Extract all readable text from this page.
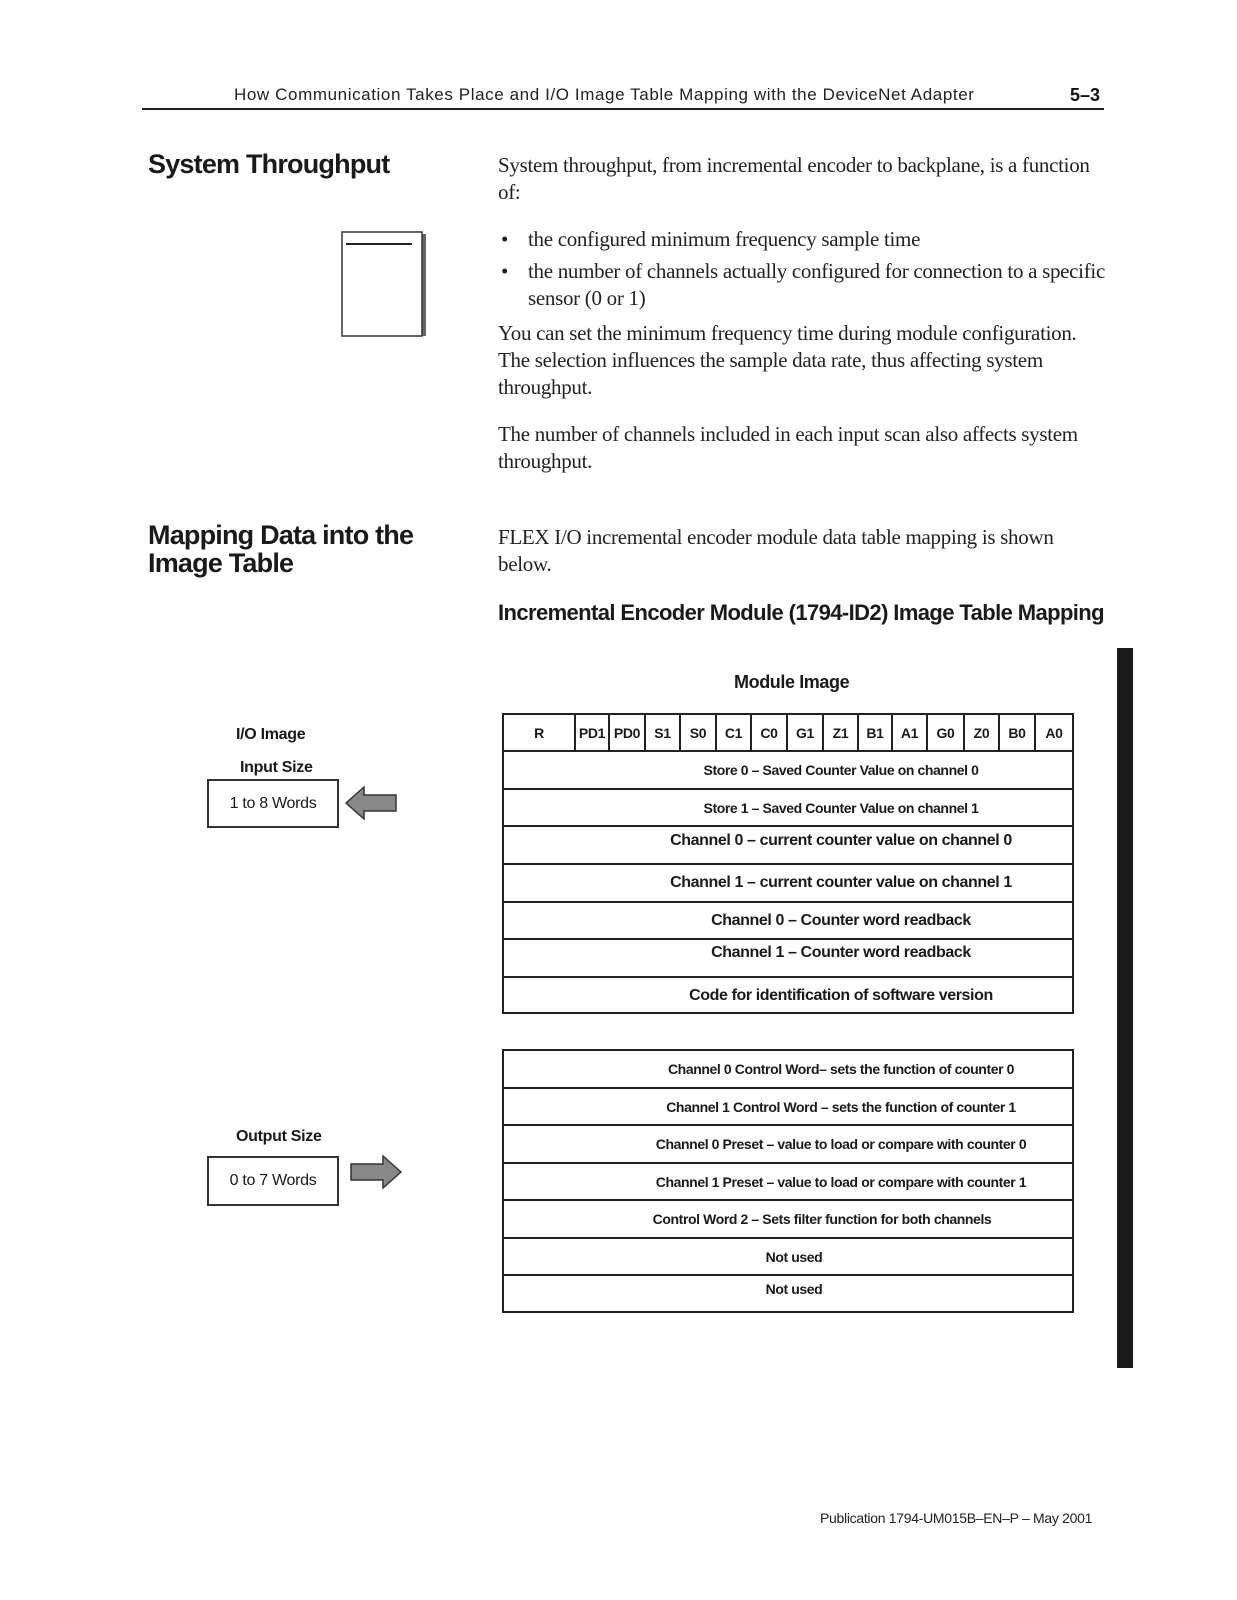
How Communication Takes Place and I/O Image Table Mapping with the DeviceNet Adapter	5–3
System Throughput	System throughput, from incremental encoder to backplane, is a function of:
• the configured minimum frequency sample time
• the number of channels actually configured for connection to a specific sensor (0 or 1)
You can set the minimum frequency time during module configuration. The selection influences the sample data rate, thus affecting system throughput.
The number of channels included in each input scan also affects system throughput.
Mapping Data into the Image Table
FLEX I/O incremental encoder module data table mapping is shown below.
Incremental Encoder Module (1794-ID2) Image Table Mapping
Module Image
I/O Image
Input Size
1 to 8 Words
Output Size
0 to 7 Words
R	PD1 PD0	S1	S0	C1	C0	G1	Z1	B1	A1	G0	Z0	B0	A0
Store 0 – Saved Counter Value on channel 0
Store 1 – Saved Counter Value on channel 1
Channel 0 – current counter value on channel 0
Channel 1 – current counter value on channel 1
Channel 0 – Counter word readback
Channel 1 – Counter word readback
Code for identification of software version
Channel 0 Control Word– sets the function of counter 0
Channel 1 Control Word – sets the function of counter 1
Channel 0 Preset – value to load or compare with counter 0
Channel 1 Preset – value to load or compare with counter 1
Control Word 2 – Sets filter function for both channels
Not used
Not used
Publication 1794-UM015B–EN–P – May 2001
